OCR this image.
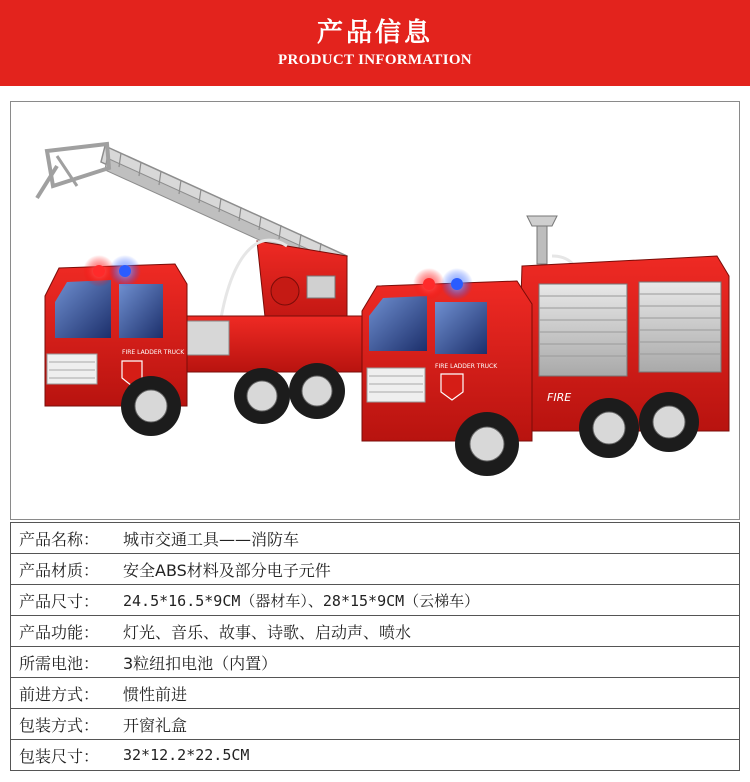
产品信息
PRODUCT INFORMATION
FIRE LADDER TRUCK
FIRE
FIRE
FIRE LADDER TRUCK
产品名称：	城市交通工具——消防车
产品材质：	安全ABS材料及部分电子元件
产品尺寸：	24.5*16.5*9CM（器材车）、28*15*9CM（云梯车）
产品功能：	灯光、音乐、故事、诗歌、启动声、喷水
所需电池：	3粒纽扣电池（内置）
前进方式：	惯性前进
包装方式：	开窗礼盒
包装尺寸：	32*12.2*22.5CM
